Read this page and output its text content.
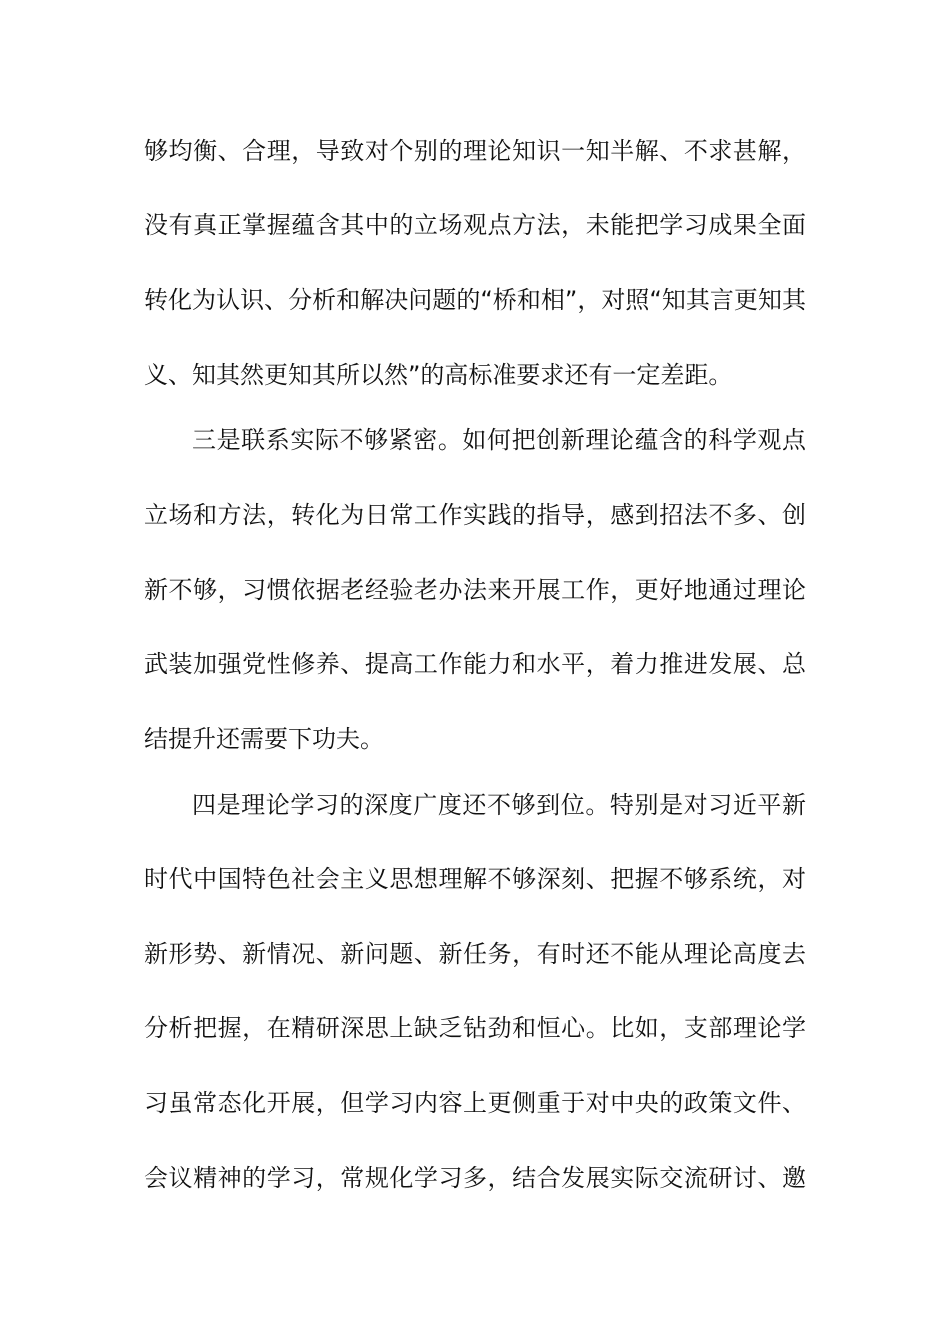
够均衡、合理，导致对个别的理论知识一知半解、不求甚解，
没有真正掌握蕴含其中的立场观点方法，未能把学习成果全面
转化为认识、分析和解决问题的“桥和相”，对照“知其言更知其
义、知其然更知其所以然”的高标准要求还有一定差距。
三是联系实际不够紧密。如何把创新理论蕴含的科学观点
立场和方法，转化为日常工作实践的指导，感到招法不多、创
新不够，习惯依据老经验老办法来开展工作，更好地通过理论
武装加强党性修养、提高工作能力和水平，着力推进发展、总
结提升还需要下功夫。
四是理论学习的深度广度还不够到位。特别是对习近平新
时代中国特色社会主义思想理解不够深刻、把握不够系统，对
新形势、新情况、新问题、新任务，有时还不能从理论高度去
分析把握，在精研深思上缺乏钻劲和恒心。比如，支部理论学
习虽常态化开展，但学习内容上更侧重于对中央的政策文件、
会议精神的学习，常规化学习多，结合发展实际交流研讨、邀
